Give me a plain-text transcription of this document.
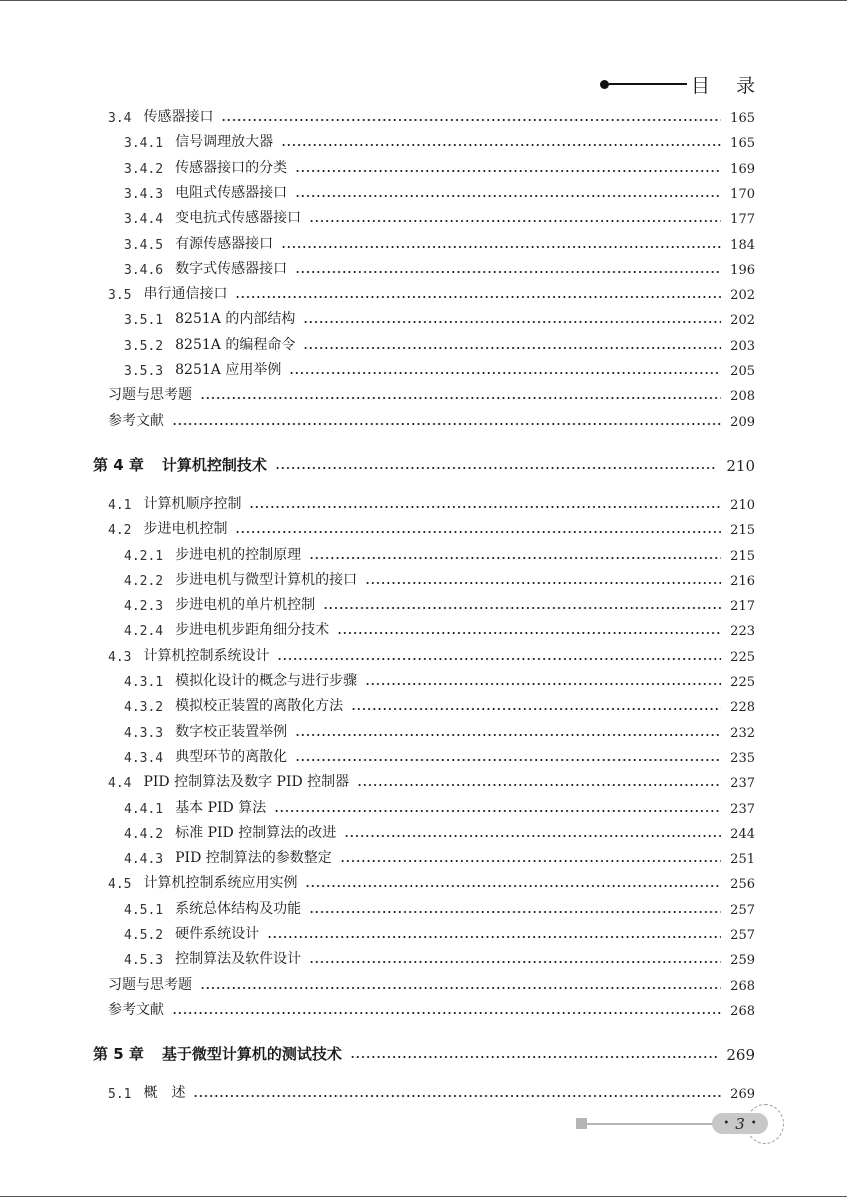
目 录
3.4 传感器接口	165
3.4.1 信号调理放大器	165
3.4.2 传感器接口的分类	169
3.4.3 电阻式传感器接口	170
3.4.4 变电抗式传感器接口	177
3.4.5 有源传感器接口	184
3.4.6 数字式传感器接口	196
3.5 串行通信接口	202
3.5.1 8251A 的内部结构	202
3.5.2 8251A 的编程命令	203
3.5.3 8251A 应用举例	205
习题与思考题	208
参考文献	209
第 4 章 计算机控制技术	210
4.1 计算机顺序控制	210
4.2 步进电机控制	215
4.2.1 步进电机的控制原理	215
4.2.2 步进电机与微型计算机的接口	216
4.2.3 步进电机的单片机控制	217
4.2.4 步进电机步距角细分技术	223
4.3 计算机控制系统设计	225
4.3.1 模拟化设计的概念与进行步骤	225
4.3.2 模拟校正装置的离散化方法	228
4.3.3 数字校正装置举例	232
4.3.4 典型环节的离散化	235
4.4 PID 控制算法及数字 PID 控制器	237
4.4.1 基本 PID 算法	237
4.4.2 标准 PID 控制算法的改进	244
4.4.3 PID 控制算法的参数整定	251
4.5 计算机控制系统应用实例	256
4.5.1 系统总体结构及功能	257
4.5.2 硬件系统设计	257
4.5.3 控制算法及软件设计	259
习题与思考题	268
参考文献	268
第 5 章 基于微型计算机的测试技术	269
5.1 概　述	269
• 3 •
